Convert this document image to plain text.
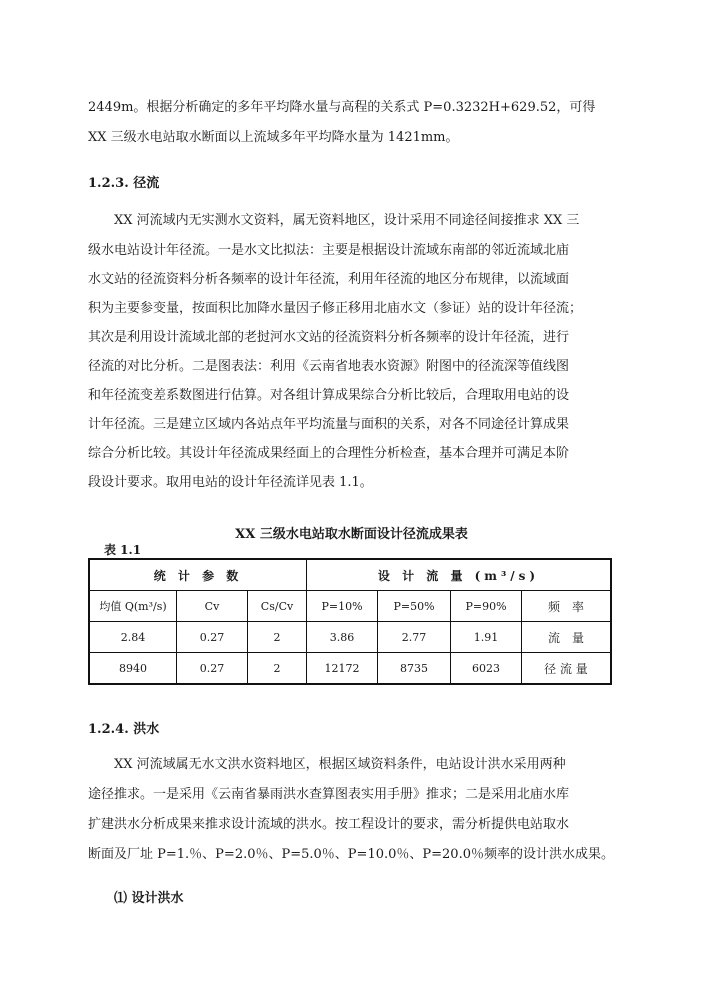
2449m。根据分析确定的多年平均降水量与高程的关系式 P=0.3232H+629.52，可得
XX 三级水电站取水断面以上流域多年平均降水量为 1421mm。
1.2.3. 径流
XX 河流域内无实测水文资料，属无资料地区，设计采用不同途径间接推求 XX 三
级水电站设计年径流。一是水文比拟法：主要是根据设计流域东南部的邻近流域北庙
水文站的径流资料分析各频率的设计年径流，利用年径流的地区分布规律，以流域面
积为主要参变量，按面积比加降水量因子修正移用北庙水文（参证）站的设计年径流；
其次是利用设计流域北部的老挝河水文站的径流资料分析各频率的设计年径流，进行
径流的对比分析。二是图表法：利用《云南省地表水资源》附图中的径流深等值线图
和年径流变差系数图进行估算。对各组计算成果综合分析比较后，合理取用电站的设
计年径流。三是建立区域内各站点年平均流量与面积的关系，对各不同途径计算成果
综合分析比较。其设计年径流成果经面上的合理性分析检查，基本合理并可满足本阶
段设计要求。取用电站的设计年径流详见表 1.1。
XX 三级水电站取水断面设计径流成果表
表 1.1
统 计 参 数			设 计 流 量 (m³/s)			
均值 Q(m³/s)	Cv	Cs/Cv	P=10%	P=50%	P=90%	频　率
2.84	0.27	2	3.86	2.77	1.91	流　量
8940	0.27	2	12172	8735	6023	径 流 量
1.2.4. 洪水
XX 河流域属无水文洪水资料地区，根据区域资料条件，电站设计洪水采用两种
途径推求。一是采用《云南省暴雨洪水查算图表实用手册》推求；二是采用北庙水库
扩建洪水分析成果来推求设计流域的洪水。按工程设计的要求，需分析提供电站取水
断面及厂址 P=1.％、P=2.0％、P=5.0％、P=10.0％、P=20.0％频率的设计洪水成果。
⑴ 设计洪水
